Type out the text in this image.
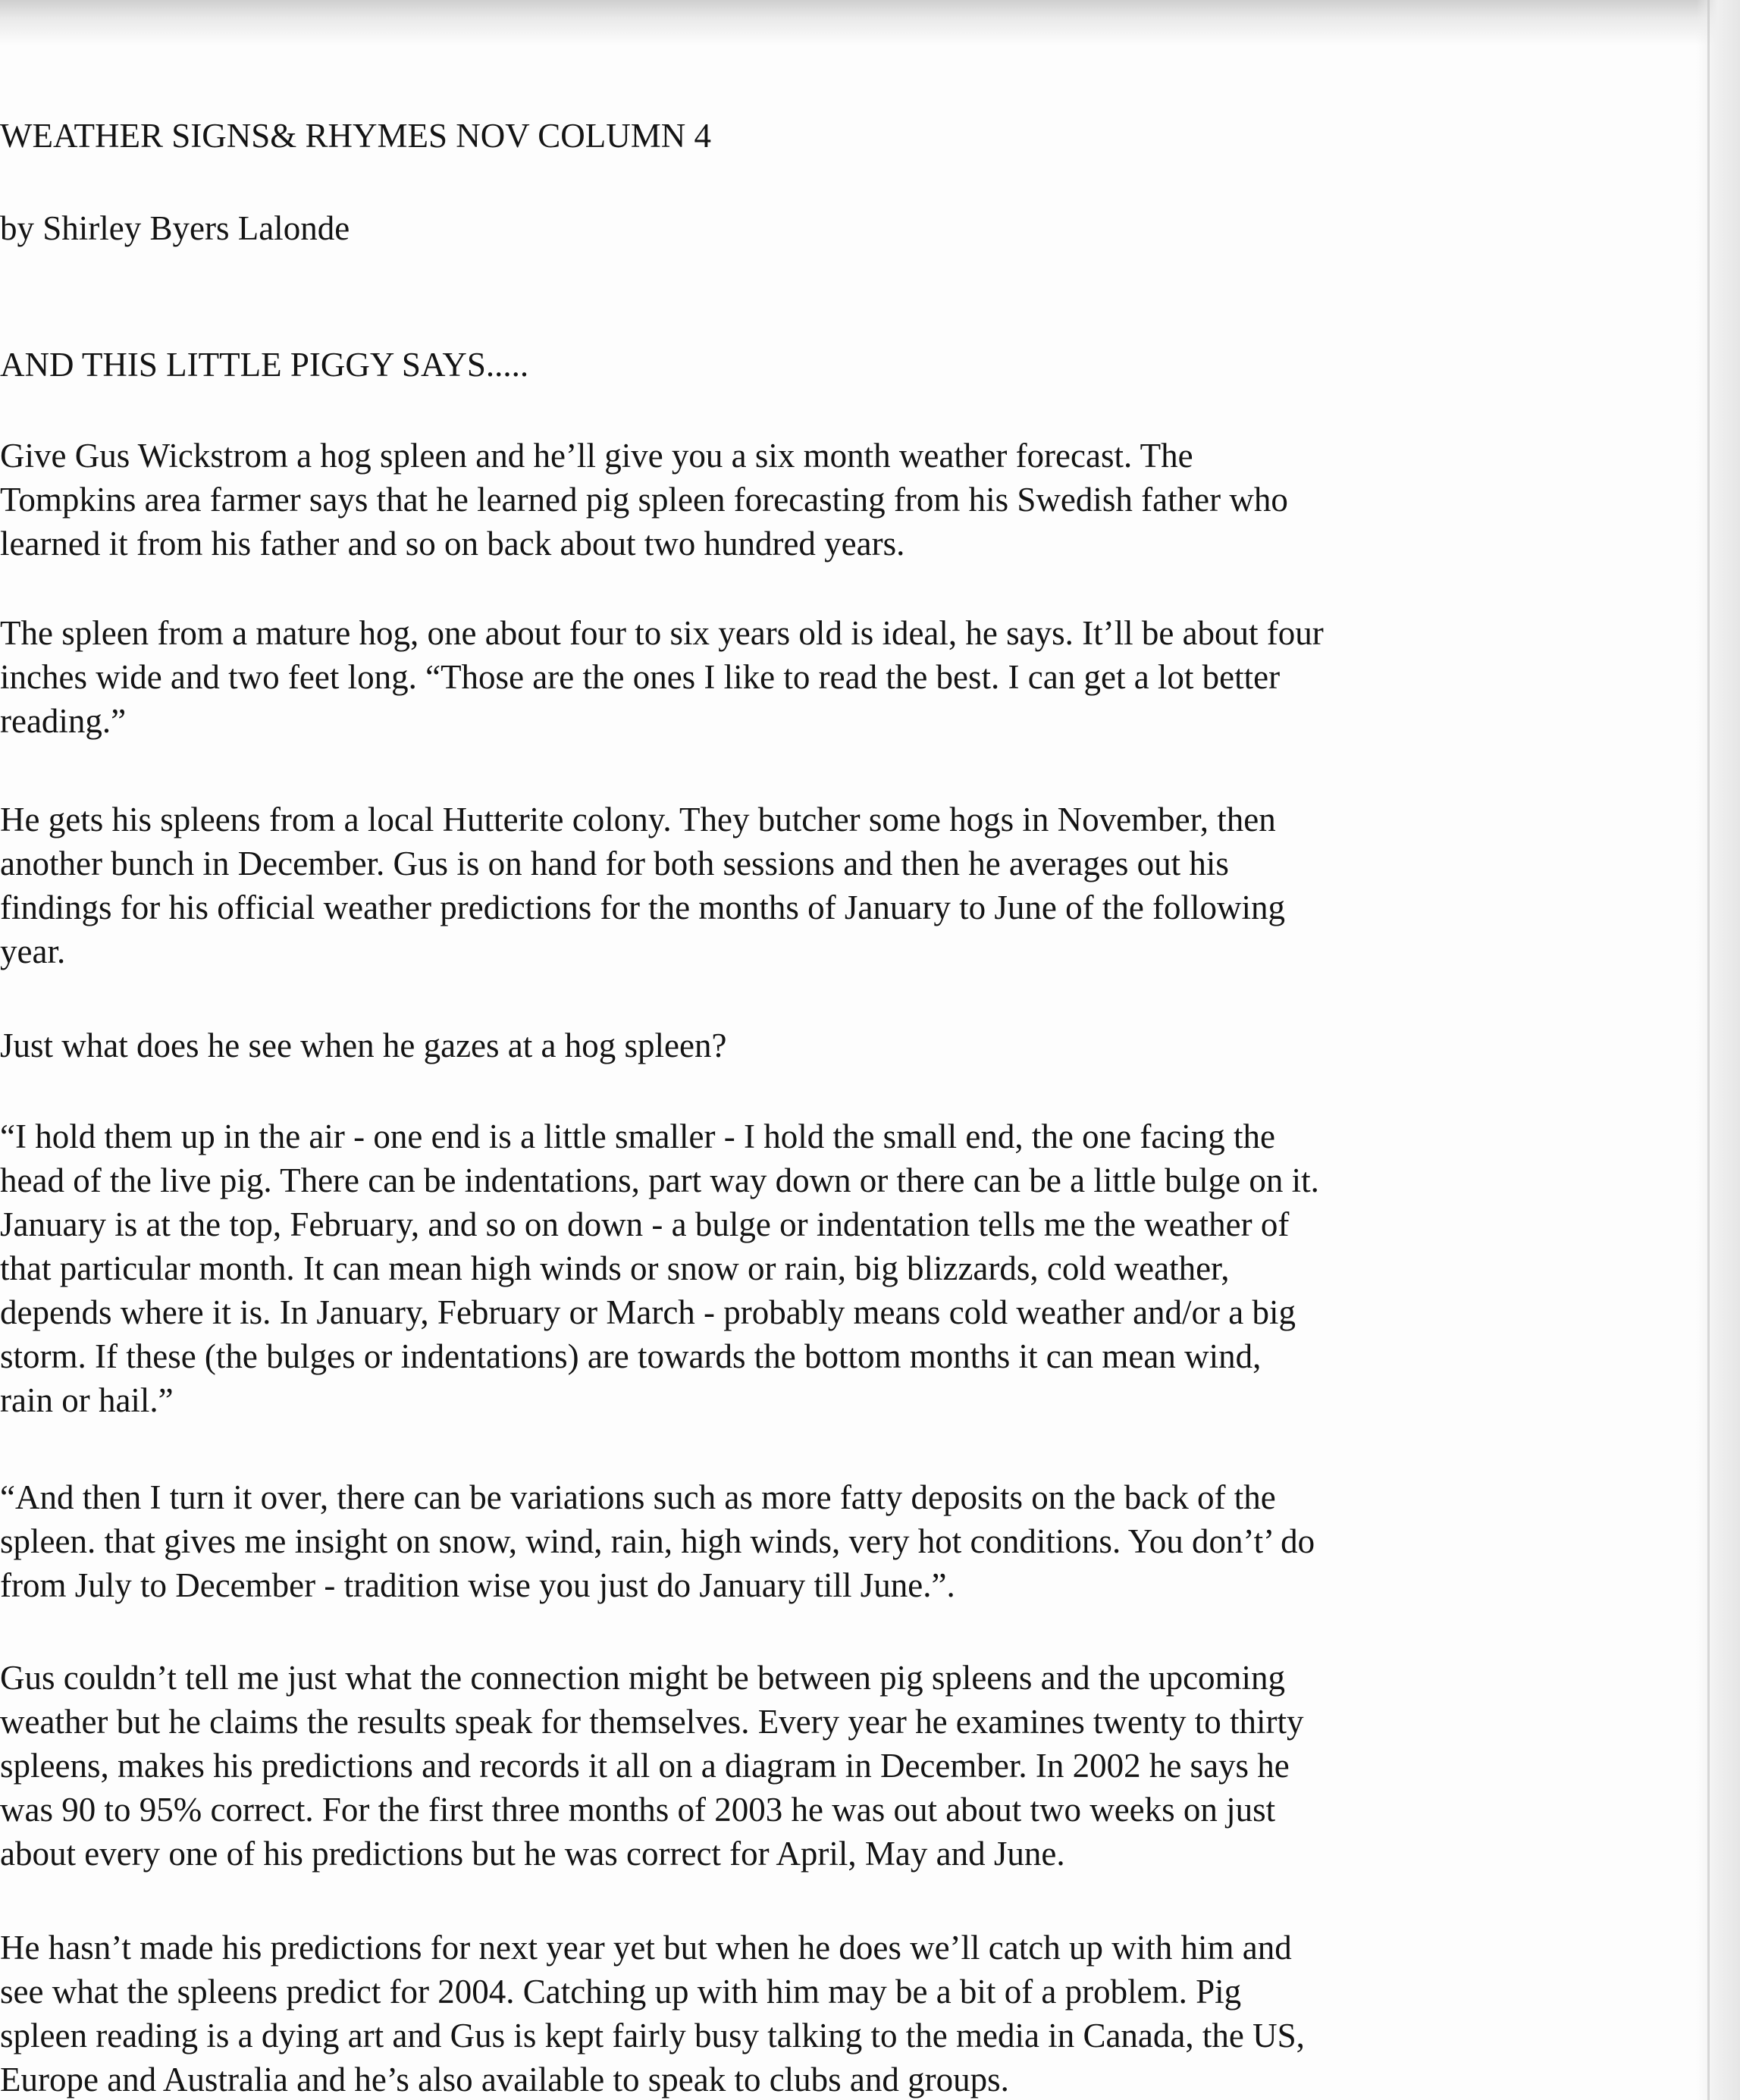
WEATHER SIGNS& RHYMES NOV COLUMN 4
by Shirley Byers Lalonde
AND THIS LITTLE PIGGY SAYS.....
Give Gus Wickstrom a hog spleen and he’ll give you a six month weather forecast. The
Tompkins area farmer says that he learned pig spleen forecasting from his Swedish father who
learned it from his father and so on back about two hundred years.
The spleen from a mature hog, one about four to six years old is ideal, he says. It’ll be about four
inches wide and two feet long. “Those are the ones I like to read the best. I can get a lot better
reading.”
He gets his spleens from a local Hutterite colony. They butcher some hogs in November, then
another bunch in December. Gus is on hand for both sessions and then he averages out his
findings for his official weather predictions for the months of January to June of the following
year.
Just what does he see when he gazes at a hog spleen?
“I hold them up in the air - one end is a little smaller - I hold the small end, the one facing the
head of the live pig. There can be indentations, part way down or there can be a little bulge on it.
January is at the top, February, and so on down - a bulge or indentation tells me the weather of
that particular month. It can mean high winds or snow or rain, big blizzards, cold weather,
depends where it is. In January, February or March - probably means cold weather and/or a big
storm. If these (the bulges or indentations) are towards the bottom months it can mean wind,
rain or hail.”
“And then I turn it over, there can be variations such as more fatty deposits on the back of the
spleen. that gives me insight on snow, wind, rain, high winds, very hot conditions. You don’t’ do
from July to December - tradition wise you just do January till June.”.
Gus couldn’t tell me just what the connection might be between pig spleens and the upcoming
weather but he claims the results speak for themselves. Every year he examines twenty to thirty
spleens, makes his predictions and records it all on a diagram in December. In 2002 he says he
was 90 to 95% correct. For the first three months of 2003 he was out about two weeks on just
about every one of his predictions but he was correct for April, May and June.
He hasn’t made his predictions for next year yet but when he does we’ll catch up with him and
see what the spleens predict for 2004. Catching up with him may be a bit of a problem. Pig
spleen reading is a dying art and Gus is kept fairly busy talking to the media in Canada, the US,
Europe and Australia and he’s also available to speak to clubs and groups.
